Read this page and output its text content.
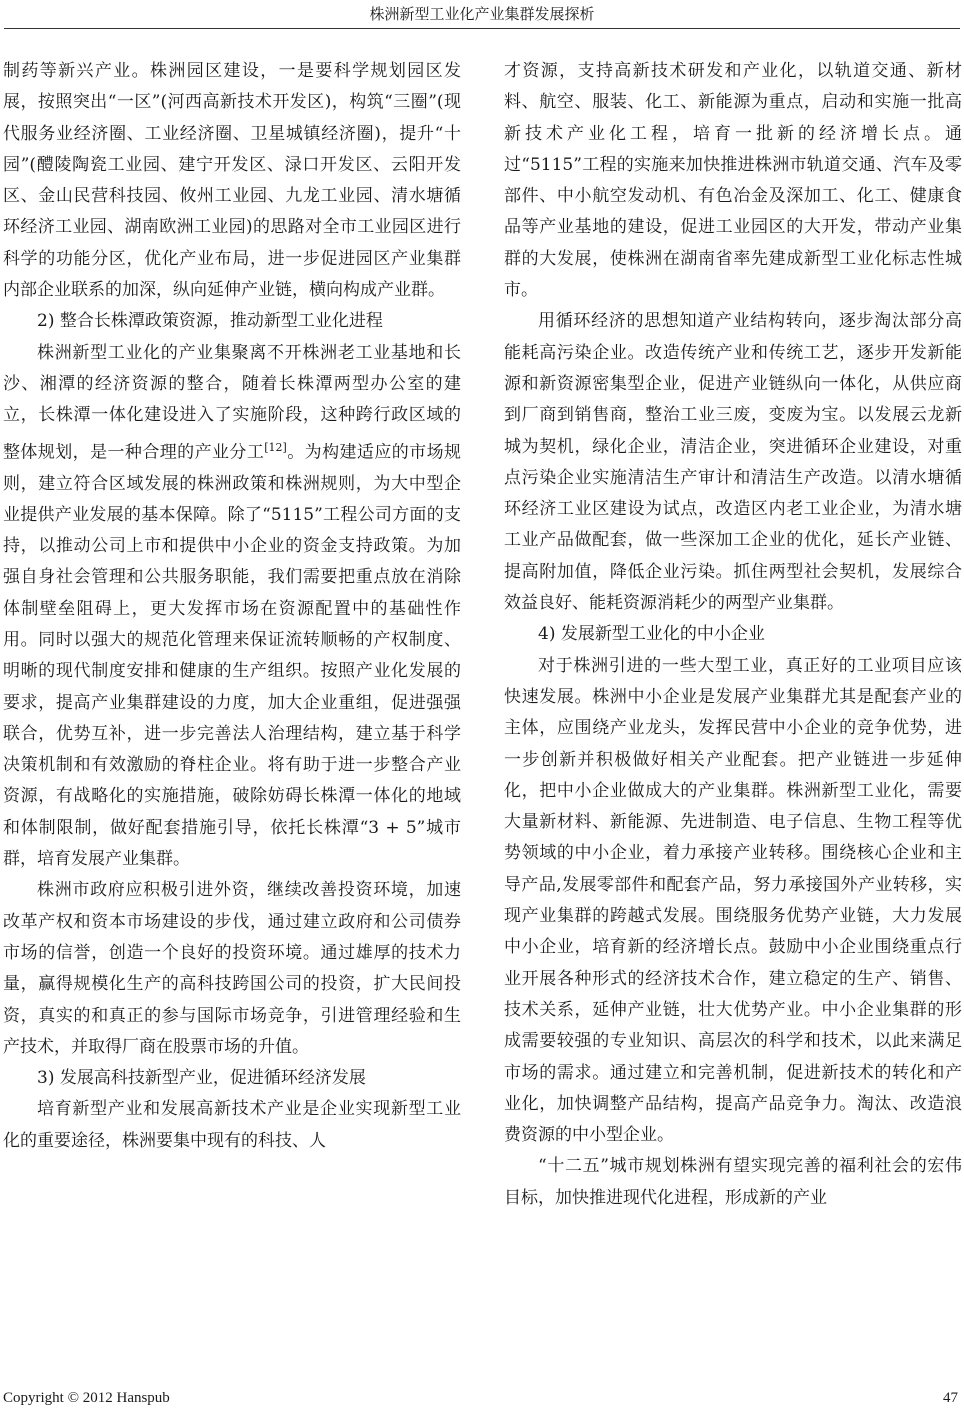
株洲新型工业化产业集群发展探析

制药等新兴产业。株洲园区建设，一是要科学规划园区发展，按照突出“一区”(河西高新技术开发区)，构筑“三圈”(现代服务业经济圈、工业经济圈、卫星城镇经济圈)，提升“十园”(醴陵陶瓷工业园、建宁开发区、渌口开发区、云阳开发区、金山民营科技园、攸州工业园、九龙工业园、清水塘循环经济工业园、湖南欧洲工业园)的思路对全市工业园区进行科学的功能分区，优化产业布局，进一步促进园区产业集群内部企业联系的加深，纵向延伸产业链，横向构成产业群。

2) 整合长株潭政策资源，推动新型工业化进程

株洲新型工业化的产业集聚离不开株洲老工业基地和长沙、湘潭的经济资源的整合，随着长株潭两型办公室的建立，长株潭一体化建设进入了实施阶段，这种跨行政区域的整体规划，是一种合理的产业分工[12]。为构建适应的市场规则，建立符合区域发展的株洲政策和株洲规则，为大中型企业提供产业发展的基本保障。除了“5115”工程公司方面的支持，以推动公司上市和提供中小企业的资金支持政策。为加强自身社会管理和公共服务职能，我们需要把重点放在消除体制壁垒阻碍上，更大发挥市场在资源配置中的基础性作用。同时以强大的规范化管理来保证流转顺畅的产权制度、明晰的现代制度安排和健康的生产组织。按照产业化发展的要求，提高产业集群建设的力度，加大企业重组，促进强强联合，优势互补，进一步完善法人治理结构，建立基于科学决策机制和有效激励的脊柱企业。将有助于进一步整合产业资源，有战略化的实施措施，破除妨碍长株潭一体化的地域和体制限制，做好配套措施引导，依托长株潭“3 + 5”城市群，培育发展产业集群。

株洲市政府应积极引进外资，继续改善投资环境，加速改革产权和资本市场建设的步伐，通过建立政府和公司债券市场的信誉，创造一个良好的投资环境。通过雄厚的技术力量，赢得规模化生产的高科技跨国公司的投资，扩大民间投资，真实的和真正的参与国际市场竞争，引进管理经验和生产技术，并取得厂商在股票市场的升值。

3) 发展高科技新型产业，促进循环经济发展

培育新型产业和发展高新技术产业是企业实现新型工业化的重要途径，株洲要集中现有的科技、人

才资源，支持高新技术研发和产业化，以轨道交通、新材料、航空、服装、化工、新能源为重点，启动和实施一批高新技术产业化工程，培育一批新的经济增长点。通过“5115”工程的实施来加快推进株洲市轨道交通、汽车及零部件、中小航空发动机、有色冶金及深加工、化工、健康食品等产业基地的建设，促进工业园区的大开发，带动产业集群的大发展，使株洲在湖南省率先建成新型工业化标志性城市。

用循环经济的思想知道产业结构转向，逐步淘汰部分高能耗高污染企业。改造传统产业和传统工艺，逐步开发新能源和新资源密集型企业，促进产业链纵向一体化，从供应商到厂商到销售商，整治工业三废，变废为宝。以发展云龙新城为契机，绿化企业，清洁企业，突进循环企业建设，对重点污染企业实施清洁生产审计和清洁生产改造。以清水塘循环经济工业区建设为试点，改造区内老工业企业，为清水塘工业产品做配套，做一些深加工企业的优化，延长产业链、提高附加值，降低企业污染。抓住两型社会契机，发展综合效益良好、能耗资源消耗少的两型产业集群。

4) 发展新型工业化的中小企业

对于株洲引进的一些大型工业，真正好的工业项目应该快速发展。株洲中小企业是发展产业集群尤其是配套产业的主体，应围绕产业龙头，发挥民营中小企业的竞争优势，进一步创新并积极做好相关产业配套。把产业链进一步延伸化，把中小企业做成大的产业集群。株洲新型工业化，需要大量新材料、新能源、先进制造、电子信息、生物工程等优势领域的中小企业，着力承接产业转移。围绕核心企业和主导产品,发展零部件和配套产品，努力承接国外产业转移，实现产业集群的跨越式发展。围绕服务优势产业链，大力发展中小企业，培育新的经济增长点。鼓励中小企业围绕重点行业开展各种形式的经济技术合作，建立稳定的生产、销售、技术关系，延伸产业链，壮大优势产业。中小企业集群的形成需要较强的专业知识、高层次的科学和技术，以此来满足市场的需求。通过建立和完善机制，促进新技术的转化和产业化，加快调整产品结构，提高产品竞争力。淘汰、改造浪费资源的中小型企业。

“十二五”城市规划株洲有望实现完善的福利社会的宏伟目标，加快推进现代化进程，形成新的产业

Copyright © 2012 Hanspub	47
